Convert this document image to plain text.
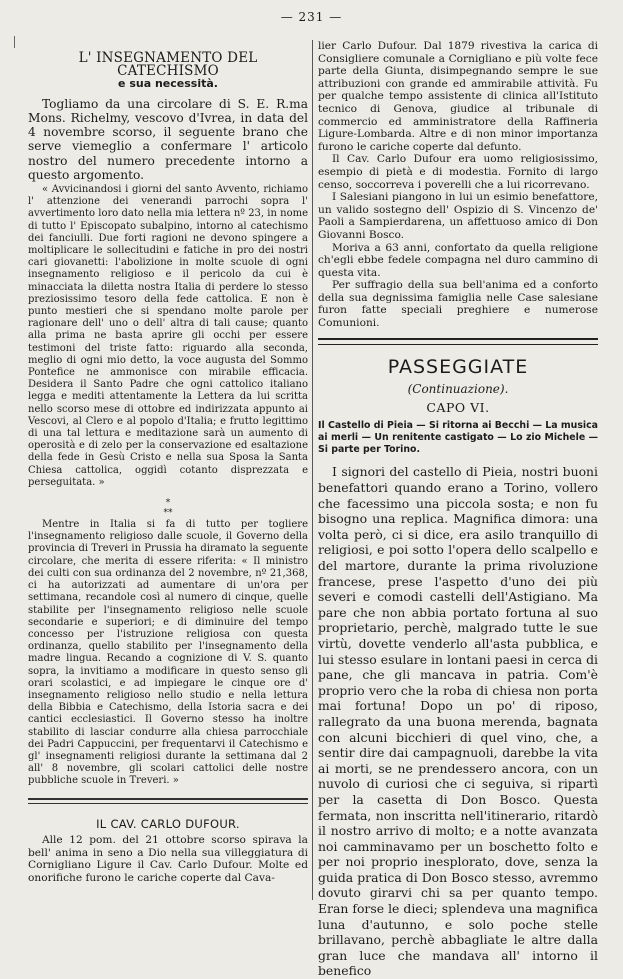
— 231 —
L' INSEGNAMENTO DEL CATECHISMO
e sua necessità.

Togliamo da una circolare di S. E. R.ma Mons. Richelmy, vescovo d'Ivrea, in data del 4 novembre scorso, il seguente brano che serve viemeglio a confermare l' articolo nostro del numero precedente intorno a questo argomento.

« Avvicinandosi i giorni del santo Avvento, richiamo l' attenzione dei venerandi parrochi sopra l' avvertimento loro dato nella mia lettera nº 23, in nome di tutto l' Episcopato subalpino, intorno al catechismo dei fanciulli. Due forti ragioni ne devono spingere a moltiplicare le sollecitudini e fatiche in pro dei nostri cari giovanetti: l'abolizione in molte scuole di ogni insegnamento religioso e il pericolo da cui è minacciata la diletta nostra Italia di perdere lo stesso preziosissimo tesoro della fede cattolica. E non è punto mestieri che si spendano molte parole per ragionare dell' uno o dell' altra di tali cause; quanto alla prima ne basta aprire gli occhi per essere testimoni del triste fatto: riguardo alla seconda, meglio di ogni mio detto, la voce augusta del Sommo Pontefice ne ammonisce con mirabile efficacia. Desidera il Santo Padre che ogni cattolico italiano legga e mediti attentamente la Lettera da lui scritta nello scorso mese di ottobre ed indirizzata appunto ai Vescovi, al Clero e al popolo d'Italia; e frutto legittimo di una tal lettura e meditazione sarà un aumento di operosità e di zelo per la conservazione ed esaltazione della fede in Gesù Cristo e nella sua Sposa la Santa Chiesa cattolica, oggidì cotanto disprezzata e perseguitata. »

⁎
⁎⁎

Mentre in Italia si fa di tutto per togliere l'insegnamento religioso dalle scuole, il Governo della provincia di Treveri in Prussia ha diramato la seguente circolare, che merita di essere riferita: « Il ministro dei culti con sua ordinanza del 2 novembre, nº 21,368, ci ha autorizzati ad aumentare di un'ora per settimana, recandole così al numero di cinque, quelle stabilite per l'insegnamento religioso nelle scuole secondarie e superiori; e di diminuire del tempo concesso per l'istruzione religiosa con questa ordinanza, quello stabilito per l'insegnamento della madre lingua. Recando a cognizione di V. S. quanto sopra, la invitiamo a modificare in questo senso gli orari scolastici, e ad impiegare le cinque ore d' insegnamento religioso nello studio e nella lettura della Bibbia e Catechismo, della Istoria sacra e dei cantici ecclesiastici. Il Governo stesso ha inoltre stabilito di lasciar condurre alla chiesa parrocchiale dei Padri Cappuccini, per frequentarvi il Catechismo e gl' insegnamenti religiosi durante la settimana dal 2 all' 8 novembre, gli scolari cattolici delle nostre pubbliche scuole in Treveri. »

IL CAV. CARLO DUFOUR.

Alle 12 pom. del 21 ottobre scorso spirava la bell' anima in seno a Dio nella sua villeggiatura di Cornigliano Ligure il Cav. Carlo Dufour. Molte ed onorifiche furono le cariche coperte dal Cava-

lier Carlo Dufour. Dal 1879 rivestiva la carica di Consigliere comunale a Cornigliano e più volte fece parte della Giunta, disimpegnando sempre le sue attribuzioni con grande ed ammirabile attività. Fu per qualche tempo assistente di clinica all'Istituto tecnico di Genova, giudice al tribunale di commercio ed amministratore della Raffineria Ligure-Lombarda. Altre e di non minor importanza furono le cariche coperte dal defunto.

Il Cav. Carlo Dufour era uomo religiosissimo, esempio di pietà e di modestia. Fornito di largo censo, soccorreva i poverelli che a lui ricorrevano.

I Salesiani piangono in lui un esimio benefattore, un valido sostegno dell' Ospizio di S. Vincenzo de' Paoli a Sampierdarena, un affettuoso amico di Don Giovanni Bosco.

Moriva a 63 anni, confortato da quella religione ch'egli ebbe fedele compagna nel duro cammino di questa vita.

Per suffragio della sua bell'anima ed a conforto della sua degnissima famiglia nelle Case salesiane furon fatte speciali preghiere e numerose Comunioni.

PASSEGGIATE
(Continuazione).
CAPO VI.

Il Castello di Pieia — Si ritorna ai Becchi — La musica ai merli — Un renitente castigato — Lo zio Michele — Si parte per Torino.

I signori del castello di Pieia, nostri buoni benefattori quando erano a Torino, vollero che facessimo una piccola sosta; e non fu bisogno una replica. Magnifica dimora: una volta però, ci si dice, era asilo tranquillo di religiosi, e poi sotto l'opera dello scalpello e del martore, durante la prima rivoluzione francese, prese l'aspetto d'uno dei più severi e comodi castelli dell'Astigiano. Ma pare che non abbia portato fortuna al suo proprietario, perchè, malgrado tutte le sue virtù, dovette venderlo all'asta pubblica, e lui stesso esulare in lontani paesi in cerca di pane, che gli mancava in patria. Com'è proprio vero che la roba di chiesa non porta mai fortuna! Dopo un po' di riposo, rallegrato da una buona merenda, bagnata con alcuni bicchieri di quel vino, che, a sentir dire dai campagnuoli, darebbe la vita ai morti, se ne prendessero ancora, con un nuvolo di curiosi che ci seguiva, si ripartì per la casetta di Don Bosco. Questa fermata, non inscritta nell'itinerario, ritardò il nostro arrivo di molto; e a notte avanzata noi camminavamo per un boschetto folto e per noi proprio inesplorato, dove, senza la guida pratica di Don Bosco stesso, avremmo dovuto girarvi chi sa per quanto tempo. Eran forse le dieci; splendeva una magnifica luna d'autunno, e solo poche stelle brillavano, perchè abbagliate le altre dalla gran luce che mandava all' intorno il benefico
